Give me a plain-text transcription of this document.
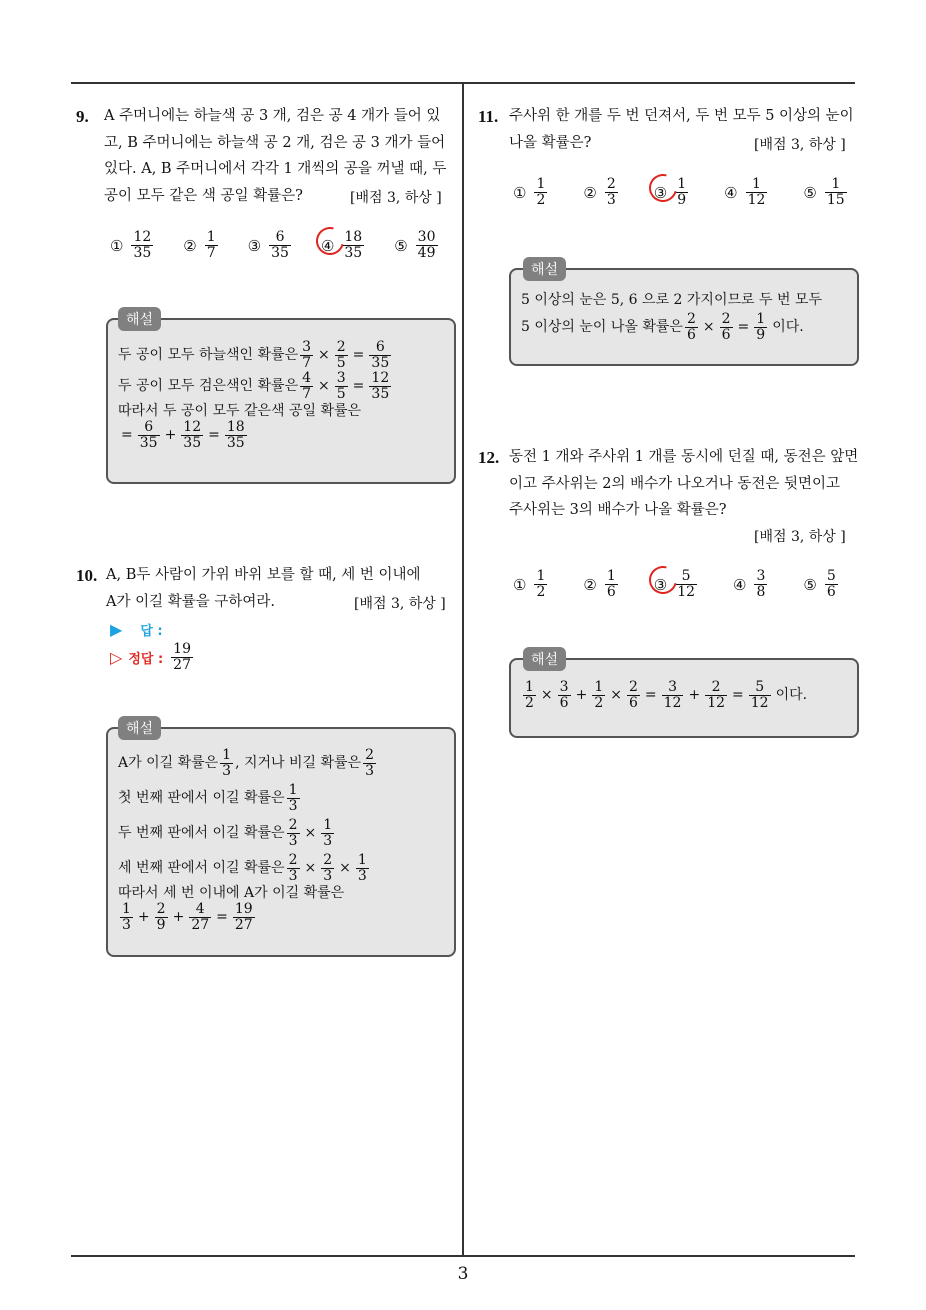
9. A 주머니에는 하늘색 공 3 개, 검은 공 4 개가 들어 있
고, B 주머니에는 하늘색 공 2 개, 검은 공 3 개가 들어
있다. A, B 주머니에서 각각 1 개씩의 공을 꺼낼 때, 두
공이 모두 같은 색 공일 확률은?	[배점 3, 하상 ]
① $\frac{12}{35}$ ② $\frac{1}{7}$ ③ $\frac{6}{35}$ ④ $\frac{18}{35}$ ⑤ $\frac{30}{49}$
해설
두 공이 모두 하늘색인 확률은 $\frac{3}{7} \times \frac{2}{5} = \frac{6}{35}$
두 공이 모두 검은색인 확률은 $\frac{4}{7} \times \frac{3}{5} = \frac{12}{35}$
따라서 두 공이 모두 같은색 공일 확률은
= $\frac{6}{35} + \frac{12}{35} = \frac{18}{35}$
10. A, B두 사람이 가위 바위 보를 할 때, 세 번 이내에
A가 이길 확률을 구하여라.	[배점 3, 하상 ]
▶ 답 :
▷ 정답 : $\frac{19}{27}$
해설
A가 이길 확률은 $\frac{1}{3}$ , 지거나 비길 확률은 $\frac{2}{3}$
첫 번째 판에서 이길 확률은 $\frac{1}{3}$
두 번째 판에서 이길 확률은 $\frac{2}{3} \times \frac{1}{3}$
세 번째 판에서 이길 확률은 $\frac{2}{3} \times \frac{2}{3} \times \frac{1}{3}$
따라서 세 번 이내에 A가 이길 확률은
$\frac{1}{3} + \frac{2}{9} + \frac{4}{27} = \frac{19}{27}$
11. 주사위 한 개를 두 번 던져서, 두 번 모두 5 이상의 눈이
나올 확률은?	[배점 3, 하상 ]
① $\frac{1}{2}$ ② $\frac{2}{3}$ ③ $\frac{1}{9}$ ④ $\frac{1}{12}$ ⑤ $\frac{1}{15}$
해설
5 이상의 눈은 5, 6 으로 2 가지이므로 두 번 모두
5 이상의 눈이 나올 확률은 $\frac{2}{6} \times \frac{2}{6} = \frac{1}{9}$ 이다.
12. 동전 1 개와 주사위 1 개를 동시에 던질 때, 동전은 앞면
이고 주사위는 2의 배수가 나오거나 동전은 뒷면이고
주사위는 3의 배수가 나올 확률은?
[배점 3, 하상 ]
① $\frac{1}{2}$ ② $\frac{1}{6}$ ③ $\frac{5}{12}$ ④ $\frac{3}{8}$ ⑤ $\frac{5}{6}$
해설
$\frac{1}{2} \times \frac{3}{6} + \frac{1}{2} \times \frac{2}{6} = \frac{3}{12} + \frac{2}{12} = \frac{5}{12}$ 이다.
3
